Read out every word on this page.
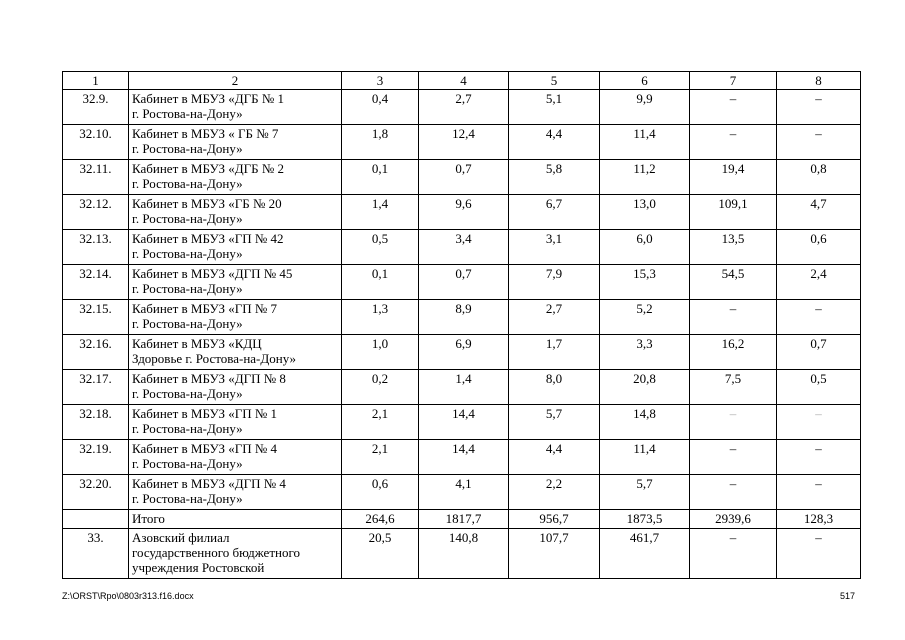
1	2	3	4	5	6	7	8
32.9.	Кабинет в МБУЗ «ДГБ № 1
г. Ростова-на-Дону»	0,4	2,7	5,1	9,9	–	–
32.10.	Кабинет в МБУЗ « ГБ № 7
г. Ростова-на-Дону»	1,8	12,4	4,4	11,4	–	–
32.11.	Кабинет в МБУЗ «ДГБ № 2
г. Ростова-на-Дону»	0,1	0,7	5,8	11,2	19,4	0,8
32.12.	Кабинет в МБУЗ «ГБ № 20
г. Ростова-на-Дону»	1,4	9,6	6,7	13,0	109,1	4,7
32.13.	Кабинет в МБУЗ «ГП № 42
г. Ростова-на-Дону»	0,5	3,4	3,1	6,0	13,5	0,6
32.14.	Кабинет в МБУЗ «ДГП № 45
г. Ростова-на-Дону»	0,1	0,7	7,9	15,3	54,5	2,4
32.15.	Кабинет в МБУЗ «ГП № 7
г. Ростова-на-Дону»	1,3	8,9	2,7	5,2	–	–
32.16.	Кабинет в МБУЗ «КДЦ
Здоровье г. Ростова-на-Дону»	1,0	6,9	1,7	3,3	16,2	0,7
32.17.	Кабинет в МБУЗ «ДГП № 8
г. Ростова-на-Дону»	0,2	1,4	8,0	20,8	7,5	0,5
32.18.	Кабинет в МБУЗ «ГП № 1
г. Ростова-на-Дону»	2,1	14,4	5,7	14,8	–	–
32.19.	Кабинет в МБУЗ «ГП № 4
г. Ростова-на-Дону»	2,1	14,4	4,4	11,4	–	–
32.20.	Кабинет в МБУЗ «ДГП № 4
г. Ростова-на-Дону»	0,6	4,1	2,2	5,7	–	–

	Итого	264,6	1817,7	956,7	1873,5	2939,6	128,3
33.	Азовский филиал
государственного бюджетного
учреждения Ростовской	20,5	140,8	107,7	461,7	–	–
Z:\ORST\Rpo\0803r313.f16.docx	517
